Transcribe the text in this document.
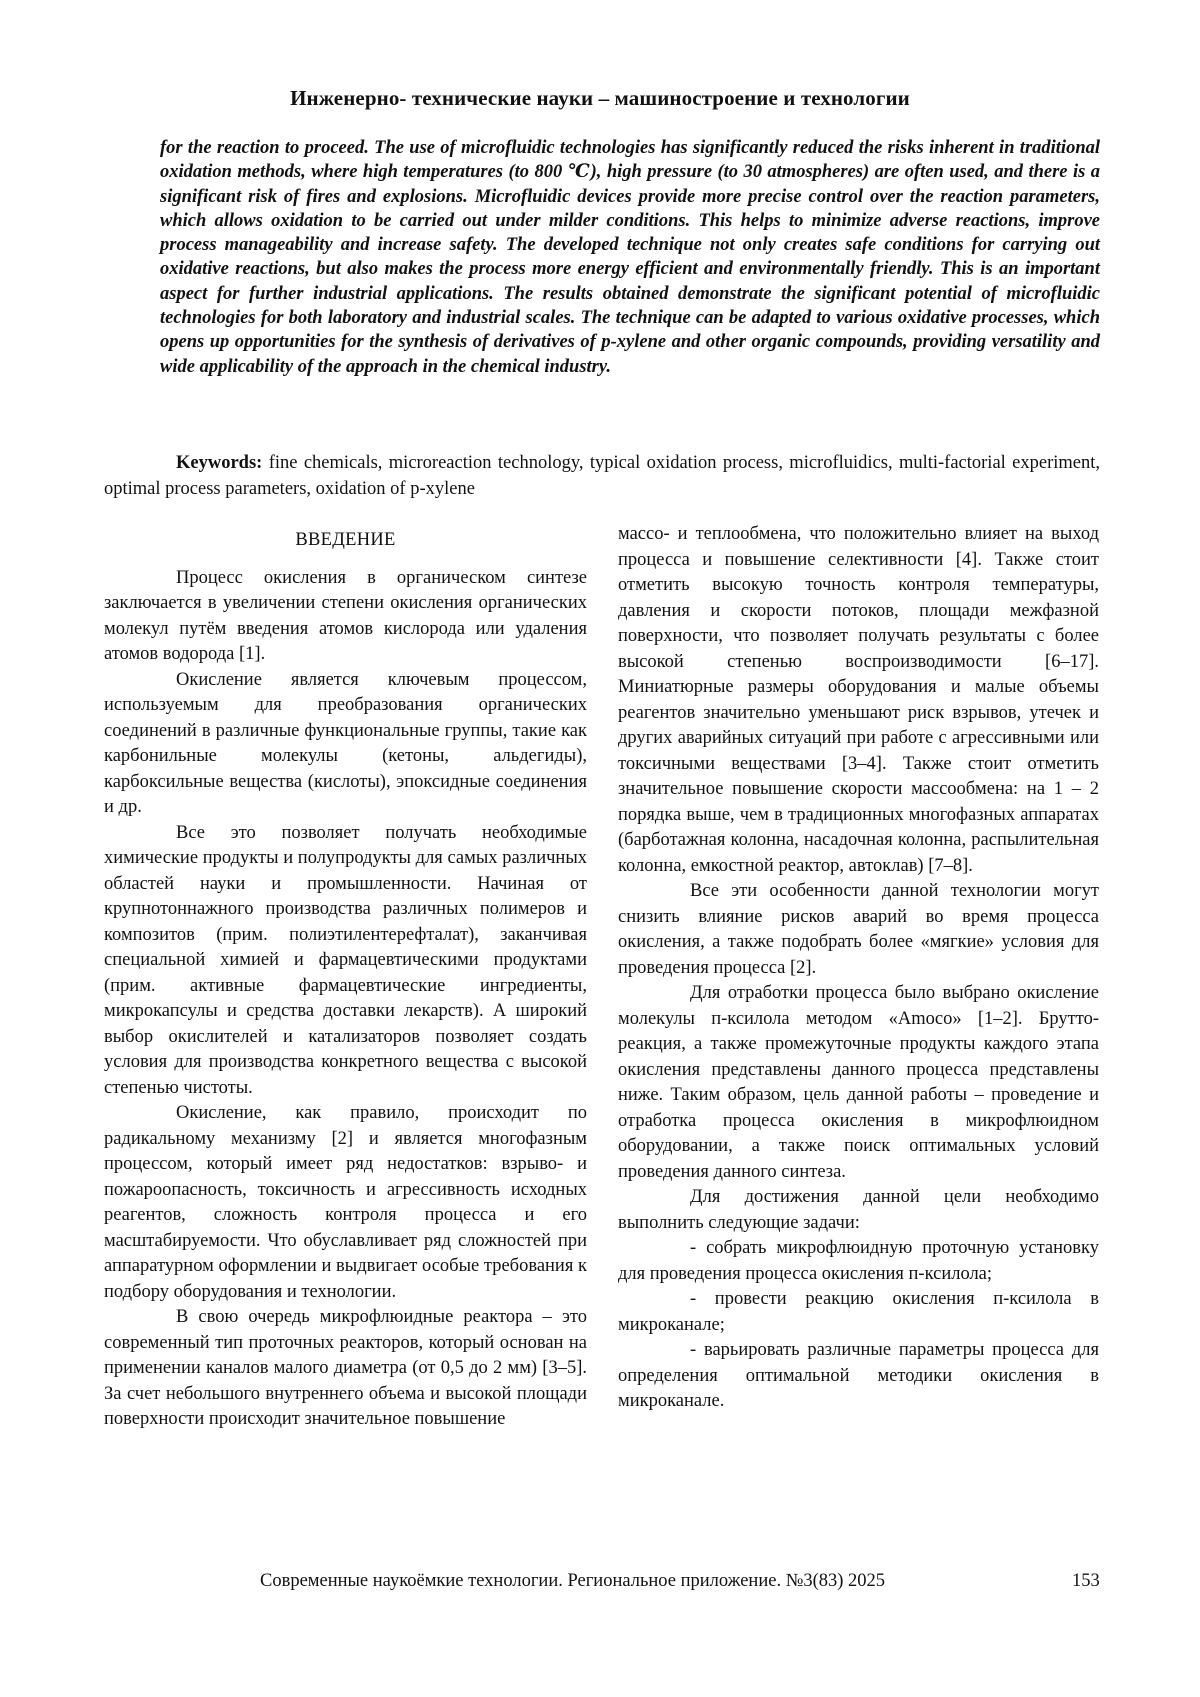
Инженерно- технические науки – машиностроение и технологии

for the reaction to proceed. The use of microfluidic technologies has significantly reduced the risks inherent in traditional oxidation methods, where high temperatures (to 800 ℃), high pressure (to 30 atmospheres) are often used, and there is a significant risk of fires and explosions. Microfluidic devices provide more precise control over the reaction parameters, which allows oxidation to be carried out under milder conditions. This helps to minimize adverse reactions, improve process manageability and increase safety. The developed technique not only creates safe conditions for carrying out oxidative reactions, but also makes the process more energy efficient and environmentally friendly. This is an important aspect for further industrial applications. The results obtained demonstrate the significant potential of microfluidic technologies for both laboratory and industrial scales. The technique can be adapted to various oxidative processes, which opens up opportunities for the synthesis of derivatives of p-xylene and other organic compounds, providing versatility and wide applicability of the approach in the chemical industry.

Keywords: fine chemicals, microreaction technology, typical oxidation process, microfluidics, multi-factorial experiment, optimal process parameters, oxidation of p-xylene

ВВЕДЕНИЕ

Процесс окисления в органическом синтезе заключается в увеличении степени окисления органических молекул путём введения атомов кислорода или удаления атомов водорода [1].

Окисление является ключевым процессом, используемым для преобразования органических соединений в различные функциональные группы, такие как карбонильные молекулы (кетоны, альдегиды), карбоксильные вещества (кислоты), эпоксидные соединения и др.

Все это позволяет получать необходимые химические продукты и полупродукты для самых различных областей науки и промышленности. Начиная от крупнотоннажного производства различных полимеров и композитов (прим. полиэтилентерефталат), заканчивая специальной химией и фармацевтическими продуктами (прим. активные фармацевтические ингредиенты, микрокапсулы и средства доставки лекарств). А широкий выбор окислителей и катализаторов позволяет создать условия для производства конкретного вещества с высокой степенью чистоты.

Окисление, как правило, происходит по радикальному механизму [2] и является многофазным процессом, который имеет ряд недостатков: взрыво- и пожароопасность, токсичность и агрессивность исходных реагентов, сложность контроля процесса и его масштабируемости. Что обуславливает ряд сложностей при аппаратурном оформлении и выдвигает особые требования к подбору оборудования и технологии.

В свою очередь микрофлюидные реактора – это современный тип проточных реакторов, который основан на применении каналов малого диаметра (от 0,5 до 2 мм) [3–5]. За счет небольшого внутреннего объема и высокой площади поверхности происходит значительное повышение

массо- и теплообмена, что положительно влияет на выход процесса и повышение селективности [4]. Также стоит отметить высокую точность контроля температуры, давления и скорости потоков, площади межфазной поверхности, что позволяет получать результаты с более высокой степенью воспроизводимости [6–17]. Миниатюрные размеры оборудования и малые объемы реагентов значительно уменьшают риск взрывов, утечек и других аварийных ситуаций при работе с агрессивными или токсичными веществами [3–4]. Также стоит отметить значительное повышение скорости массообмена: на 1 – 2 порядка выше, чем в традиционных многофазных аппаратах (барботажная колонна, насадочная колонна, распылительная колонна, емкостной реактор, автоклав) [7–8].

Все эти особенности данной технологии могут снизить влияние рисков аварий во время процесса окисления, а также подобрать более «мягкие» условия для проведения процесса [2].

Для отработки процесса было выбрано окисление молекулы п-ксилола методом «Amoco» [1–2]. Брутто-реакция, а также промежуточные продукты каждого этапа окисления представлены данного процесса представлены ниже. Таким образом, цель данной работы – проведение и отработка процесса окисления в микрофлюидном оборудовании, а также поиск оптимальных условий проведения данного синтеза.

Для достижения данной цели необходимо выполнить следующие задачи:

- собрать микрофлюидную проточную установку для проведения процесса окисления п-ксилола;

- провести реакцию окисления п-ксилола в микроканале;

- варьировать различные параметры процесса для определения оптимальной методики окисления в микроканале.

Современные наукоёмкие технологии. Региональное приложение. №3(83) 2025	153
